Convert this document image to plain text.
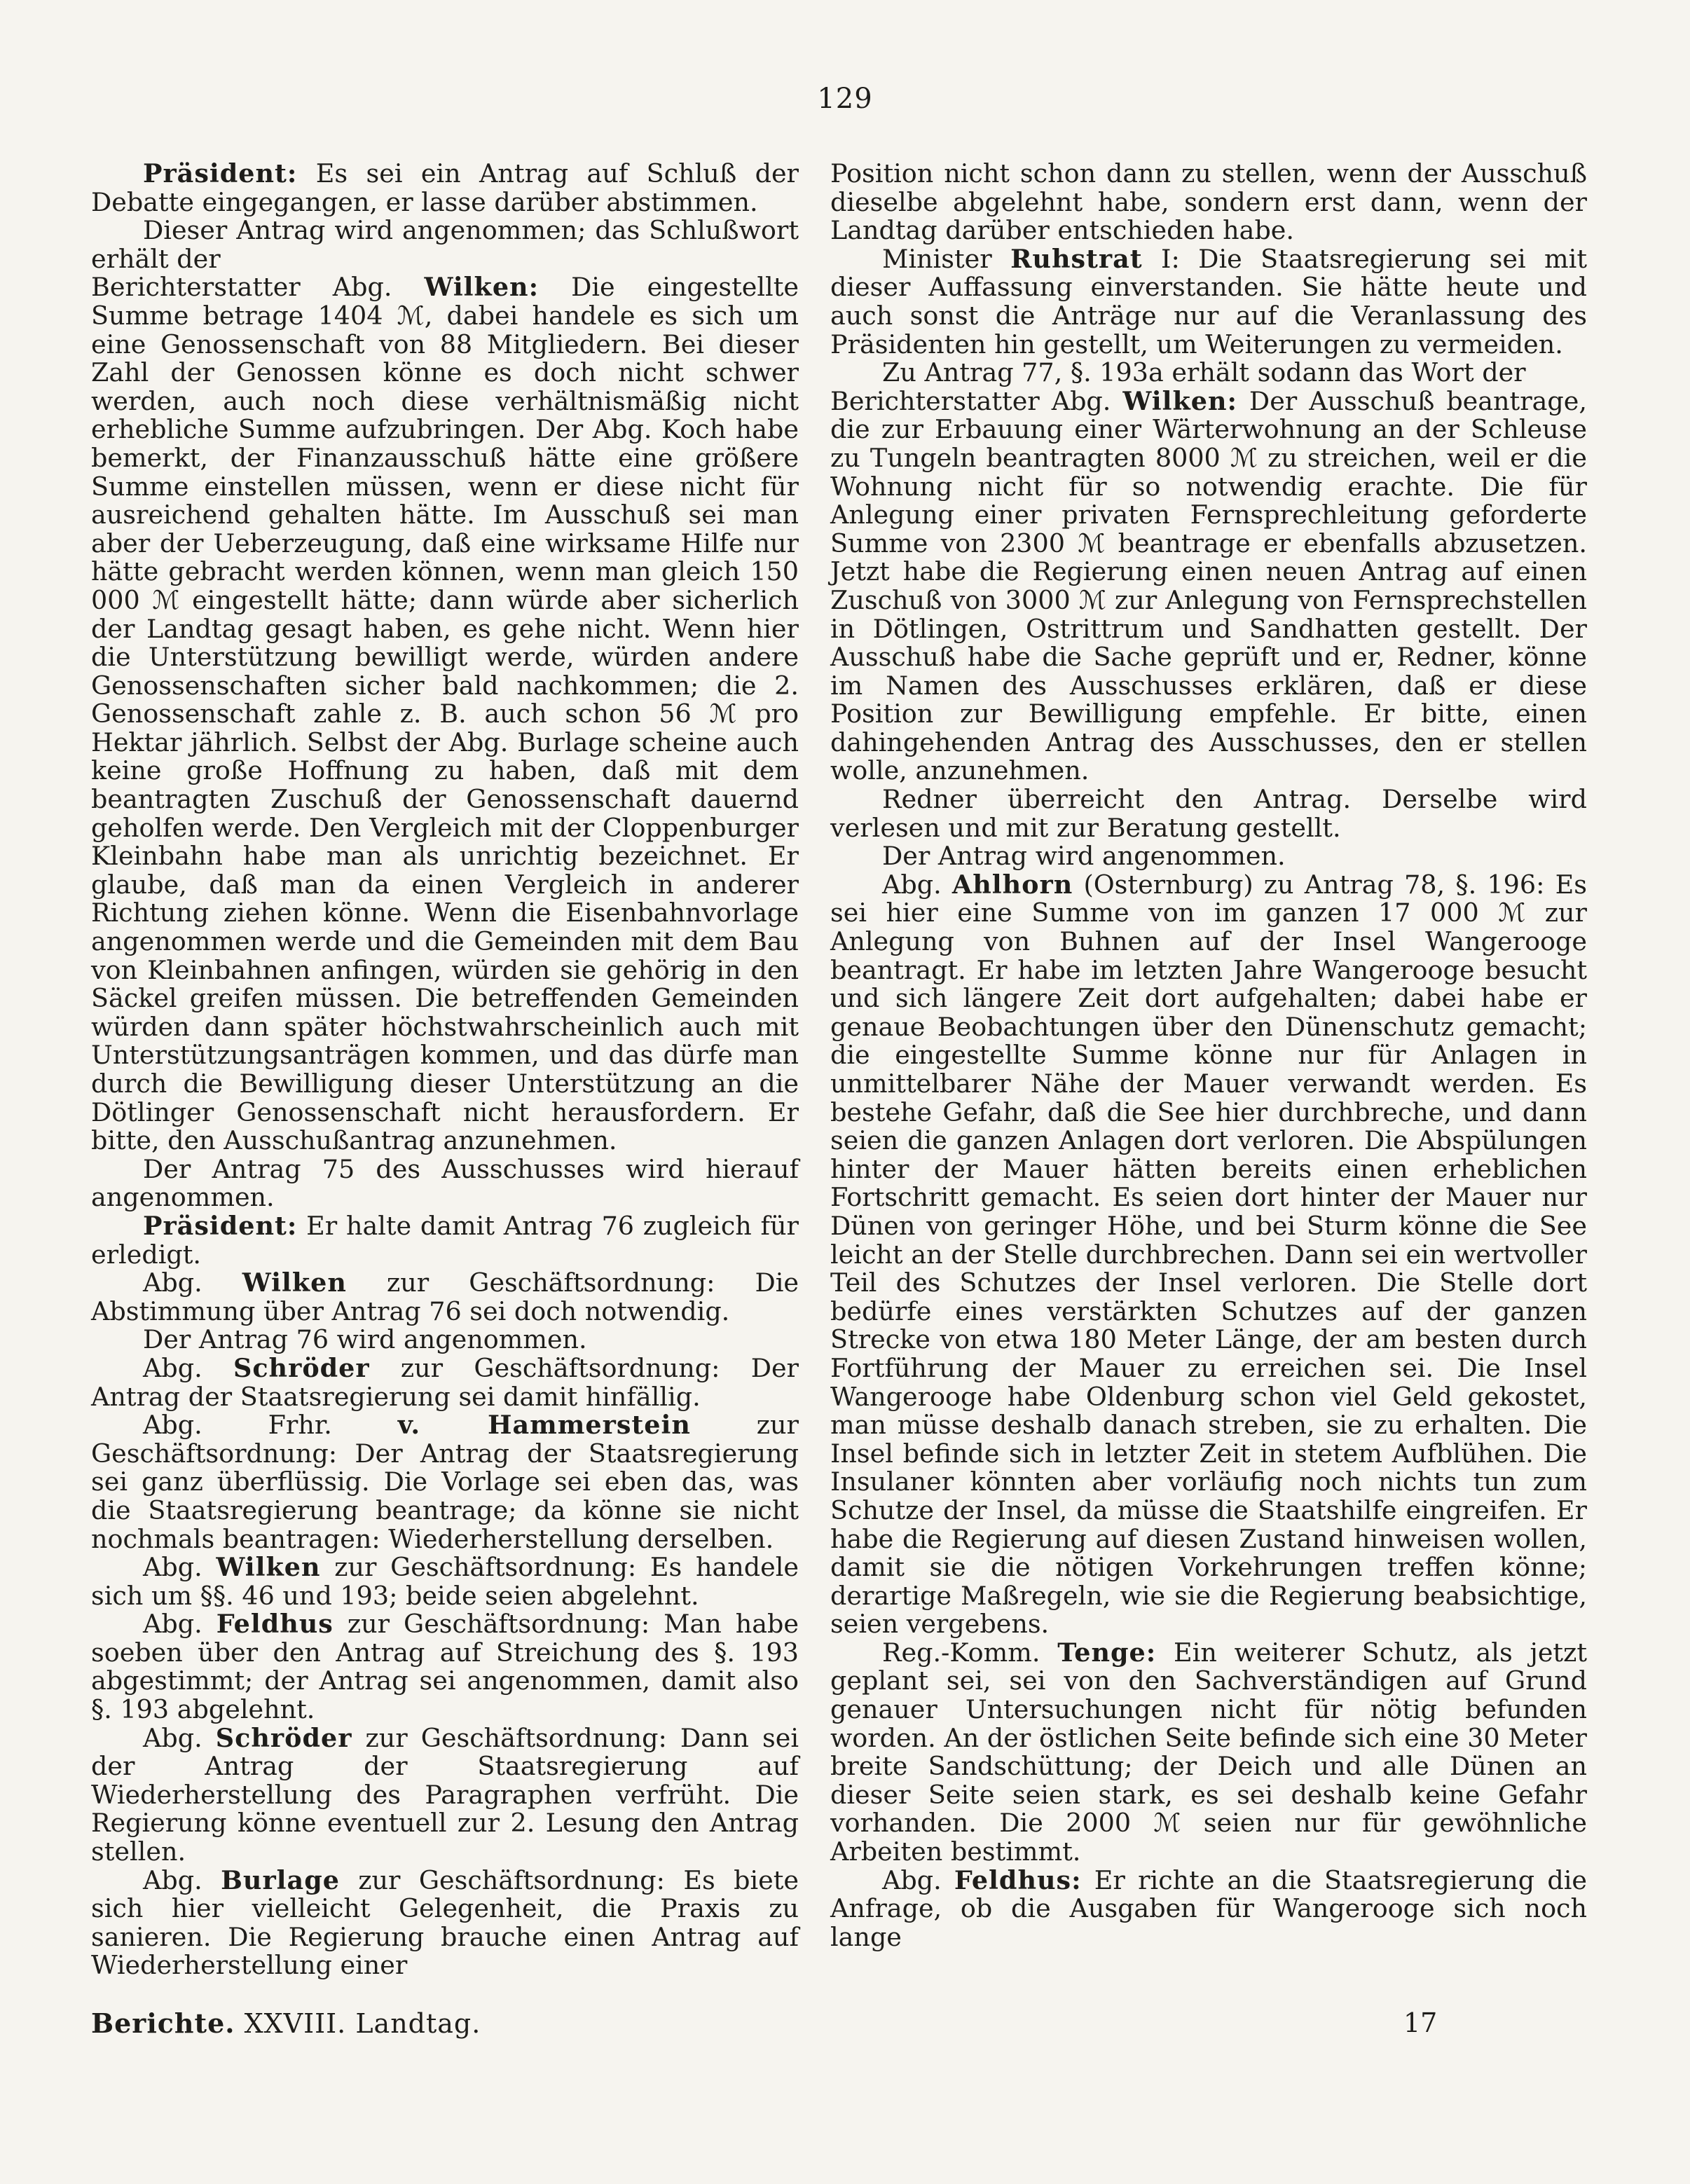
129

Präsident: Es sei ein Antrag auf Schluß der Debatte eingegangen, er lasse darüber abstimmen.

Dieser Antrag wird angenommen; das Schlußwort erhält der

Berichterstatter Abg. Wilken: Die eingestellte Summe betrage 1404 ℳ, dabei handele es sich um eine Genossenschaft von 88 Mitgliedern. Bei dieser Zahl der Genossen könne es doch nicht schwer werden, auch noch diese verhältnismäßig nicht erhebliche Summe aufzubringen. Der Abg. Koch habe bemerkt, der Finanzausschuß hätte eine größere Summe einstellen müssen, wenn er diese nicht für ausreichend gehalten hätte. Im Ausschuß sei man aber der Ueberzeugung, daß eine wirksame Hilfe nur hätte gebracht werden können, wenn man gleich 150 000 ℳ eingestellt hätte; dann würde aber sicherlich der Landtag gesagt haben, es gehe nicht. Wenn hier die Unterstützung bewilligt werde, würden andere Genossenschaften sicher bald nachkommen; die 2. Genossenschaft zahle z. B. auch schon 56 ℳ pro Hektar jährlich. Selbst der Abg. Burlage scheine auch keine große Hoffnung zu haben, daß mit dem beantragten Zuschuß der Genossenschaft dauernd geholfen werde. Den Vergleich mit der Cloppenburger Kleinbahn habe man als unrichtig bezeichnet. Er glaube, daß man da einen Vergleich in anderer Richtung ziehen könne. Wenn die Eisenbahnvorlage angenommen werde und die Gemeinden mit dem Bau von Kleinbahnen anfingen, würden sie gehörig in den Säckel greifen müssen. Die betreffenden Gemeinden würden dann später höchstwahrscheinlich auch mit Unterstützungsanträgen kommen, und das dürfe man durch die Bewilligung dieser Unterstützung an die Dötlinger Genossenschaft nicht herausfordern. Er bitte, den Ausschußantrag anzunehmen.

Der Antrag 75 des Ausschusses wird hierauf angenommen.

Präsident: Er halte damit Antrag 76 zugleich für erledigt.

Abg. Wilken zur Geschäftsordnung: Die Abstimmung über Antrag 76 sei doch notwendig.

Der Antrag 76 wird angenommen.

Abg. Schröder zur Geschäftsordnung: Der Antrag der Staatsregierung sei damit hinfällig.

Abg. Frhr. v. Hammerstein zur Geschäftsordnung: Der Antrag der Staatsregierung sei ganz überflüssig. Die Vorlage sei eben das, was die Staatsregierung beantrage; da könne sie nicht nochmals beantragen: Wiederherstellung derselben.

Abg. Wilken zur Geschäftsordnung: Es handele sich um §§. 46 und 193; beide seien abgelehnt.

Abg. Feldhus zur Geschäftsordnung: Man habe soeben über den Antrag auf Streichung des §. 193 abgestimmt; der Antrag sei angenommen, damit also §. 193 abgelehnt.

Abg. Schröder zur Geschäftsordnung: Dann sei der Antrag der Staatsregierung auf Wiederherstellung des Paragraphen verfrüht. Die Regierung könne eventuell zur 2. Lesung den Antrag stellen.

Abg. Burlage zur Geschäftsordnung: Es biete sich hier vielleicht Gelegenheit, die Praxis zu sanieren. Die Regierung brauche einen Antrag auf Wiederherstellung einer

Position nicht schon dann zu stellen, wenn der Ausschuß dieselbe abgelehnt habe, sondern erst dann, wenn der Landtag darüber entschieden habe.

Minister Ruhstrat I: Die Staatsregierung sei mit dieser Auffassung einverstanden. Sie hätte heute und auch sonst die Anträge nur auf die Veranlassung des Präsidenten hin gestellt, um Weiterungen zu vermeiden.

Zu Antrag 77, §. 193a erhält sodann das Wort der

Berichterstatter Abg. Wilken: Der Ausschuß beantrage, die zur Erbauung einer Wärterwohnung an der Schleuse zu Tungeln beantragten 8000 ℳ zu streichen, weil er die Wohnung nicht für so notwendig erachte. Die für Anlegung einer privaten Fernsprechleitung geforderte Summe von 2300 ℳ beantrage er ebenfalls abzusetzen. Jetzt habe die Regierung einen neuen Antrag auf einen Zuschuß von 3000 ℳ zur Anlegung von Fernsprechstellen in Dötlingen, Ostrittrum und Sandhatten gestellt. Der Ausschuß habe die Sache geprüft und er, Redner, könne im Namen des Ausschusses erklären, daß er diese Position zur Bewilligung empfehle. Er bitte, einen dahingehenden Antrag des Ausschusses, den er stellen wolle, anzunehmen.

Redner überreicht den Antrag. Derselbe wird verlesen und mit zur Beratung gestellt.

Der Antrag wird angenommen.

Abg. Ahlhorn (Osternburg) zu Antrag 78, §. 196: Es sei hier eine Summe von im ganzen 17 000 ℳ zur Anlegung von Buhnen auf der Insel Wangerooge beantragt. Er habe im letzten Jahre Wangerooge besucht und sich längere Zeit dort aufgehalten; dabei habe er genaue Beobachtungen über den Dünenschutz gemacht; die eingestellte Summe könne nur für Anlagen in unmittelbarer Nähe der Mauer verwandt werden. Es bestehe Gefahr, daß die See hier durchbreche, und dann seien die ganzen Anlagen dort verloren. Die Abspülungen hinter der Mauer hätten bereits einen erheblichen Fortschritt gemacht. Es seien dort hinter der Mauer nur Dünen von geringer Höhe, und bei Sturm könne die See leicht an der Stelle durchbrechen. Dann sei ein wertvoller Teil des Schutzes der Insel verloren. Die Stelle dort bedürfe eines verstärkten Schutzes auf der ganzen Strecke von etwa 180 Meter Länge, der am besten durch Fortführung der Mauer zu erreichen sei. Die Insel Wangerooge habe Oldenburg schon viel Geld gekostet, man müsse deshalb danach streben, sie zu erhalten. Die Insel befinde sich in letzter Zeit in stetem Aufblühen. Die Insulaner könnten aber vorläufig noch nichts tun zum Schutze der Insel, da müsse die Staatshilfe eingreifen. Er habe die Regierung auf diesen Zustand hinweisen wollen, damit sie die nötigen Vorkehrungen treffen könne; derartige Maßregeln, wie sie die Regierung beabsichtige, seien vergebens.

Reg.-Komm. Tenge: Ein weiterer Schutz, als jetzt geplant sei, sei von den Sachverständigen auf Grund genauer Untersuchungen nicht für nötig befunden worden. An der östlichen Seite befinde sich eine 30 Meter breite Sandschüttung; der Deich und alle Dünen an dieser Seite seien stark, es sei deshalb keine Gefahr vorhanden. Die 2000 ℳ seien nur für gewöhnliche Arbeiten bestimmt.

Abg. Feldhus: Er richte an die Staatsregierung die Anfrage, ob die Ausgaben für Wangerooge sich noch lange

Berichte. XXVIII. Landtag.	17
